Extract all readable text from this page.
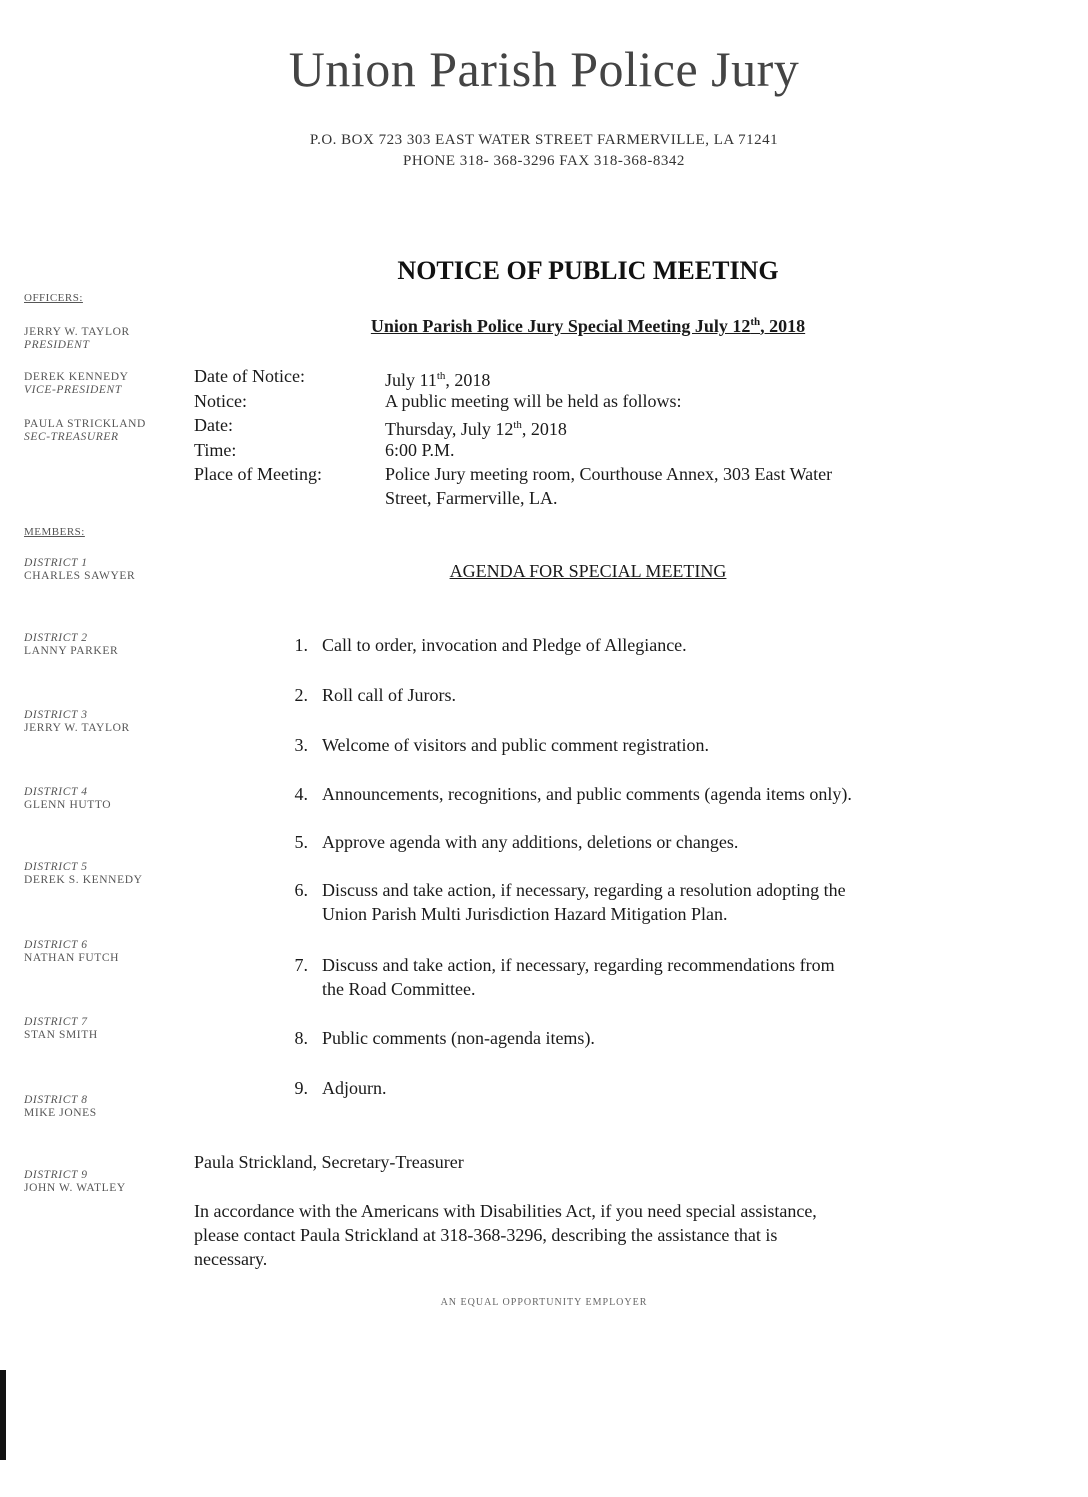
Union Parish Police Jury
P.O. BOX 723 303 EAST WATER STREET FARMERVILLE, LA 71241
PHONE 318- 368-3296 FAX 318-368-8342
NOTICE OF PUBLIC MEETING
Union Parish Police Jury Special Meeting July 12th, 2018
OFFICERS:
JERRY W. TAYLOR
PRESIDENT
DEREK KENNEDY
VICE-PRESIDENT
PAULA STRICKLAND
SEC-TREASURER
MEMBERS:
DISTRICT 1
CHARLES SAWYER
DISTRICT 2
LANNY PARKER
DISTRICT 3
JERRY W. TAYLOR
DISTRICT 4
GLENN HUTTO
DISTRICT 5
DEREK S. KENNEDY
DISTRICT 6
NATHAN FUTCH
DISTRICT 7
STAN SMITH
DISTRICT 8
MIKE JONES
DISTRICT 9
JOHN W. WATLEY
Date of Notice:	July 11th, 2018
Notice:	A public meeting will be held as follows:
Date:	Thursday, July 12th, 2018
Time:	6:00 P.M.
Place of Meeting:	Police Jury meeting room, Courthouse Annex, 303 East Water
Street, Farmerville, LA.
AGENDA FOR SPECIAL MEETING
1. Call to order, invocation and Pledge of Allegiance.
2. Roll call of Jurors.
3. Welcome of visitors and public comment registration.
4. Announcements, recognitions, and public comments (agenda items only).
5. Approve agenda with any additions, deletions or changes.
6. Discuss and take action, if necessary, regarding a resolution adopting the
Union Parish Multi Jurisdiction Hazard Mitigation Plan.
7. Discuss and take action, if necessary, regarding recommendations from
the Road Committee.
8. Public comments (non-agenda items).
9. Adjourn.
Paula Strickland, Secretary-Treasurer
In accordance with the Americans with Disabilities Act, if you need special assistance,
please contact Paula Strickland at 318-368-3296, describing the assistance that is
necessary.
AN EQUAL OPPORTUNITY EMPLOYER
